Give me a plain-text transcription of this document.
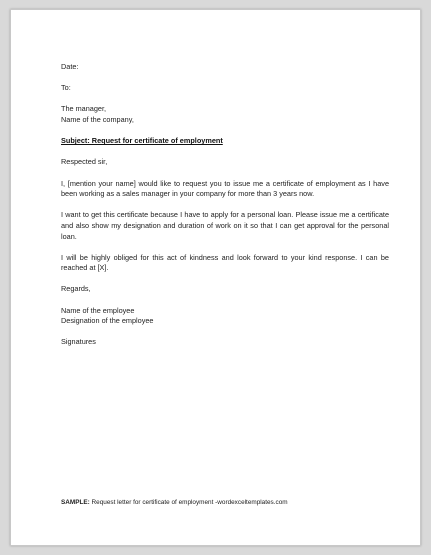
Date:

To:

The manager,
Name of the company,

Subject: Request for certificate of employment

Respected sir,

I, [mention your name] would like to request you to issue me a certificate of employment as I have been working as a sales manager in your company for more than 3 years now.

I want to get this certificate because I have to apply for a personal loan. Please issue me a certificate and also show my designation and duration of work on it so that I can get approval for the personal loan.

I will be highly obliged for this act of kindness and look forward to your kind response. I can be reached at [X].

Regards,

Name of the employee
Designation of the employee

Signatures

SAMPLE: Request letter for certificate of employment -wordexceltemplates.com
